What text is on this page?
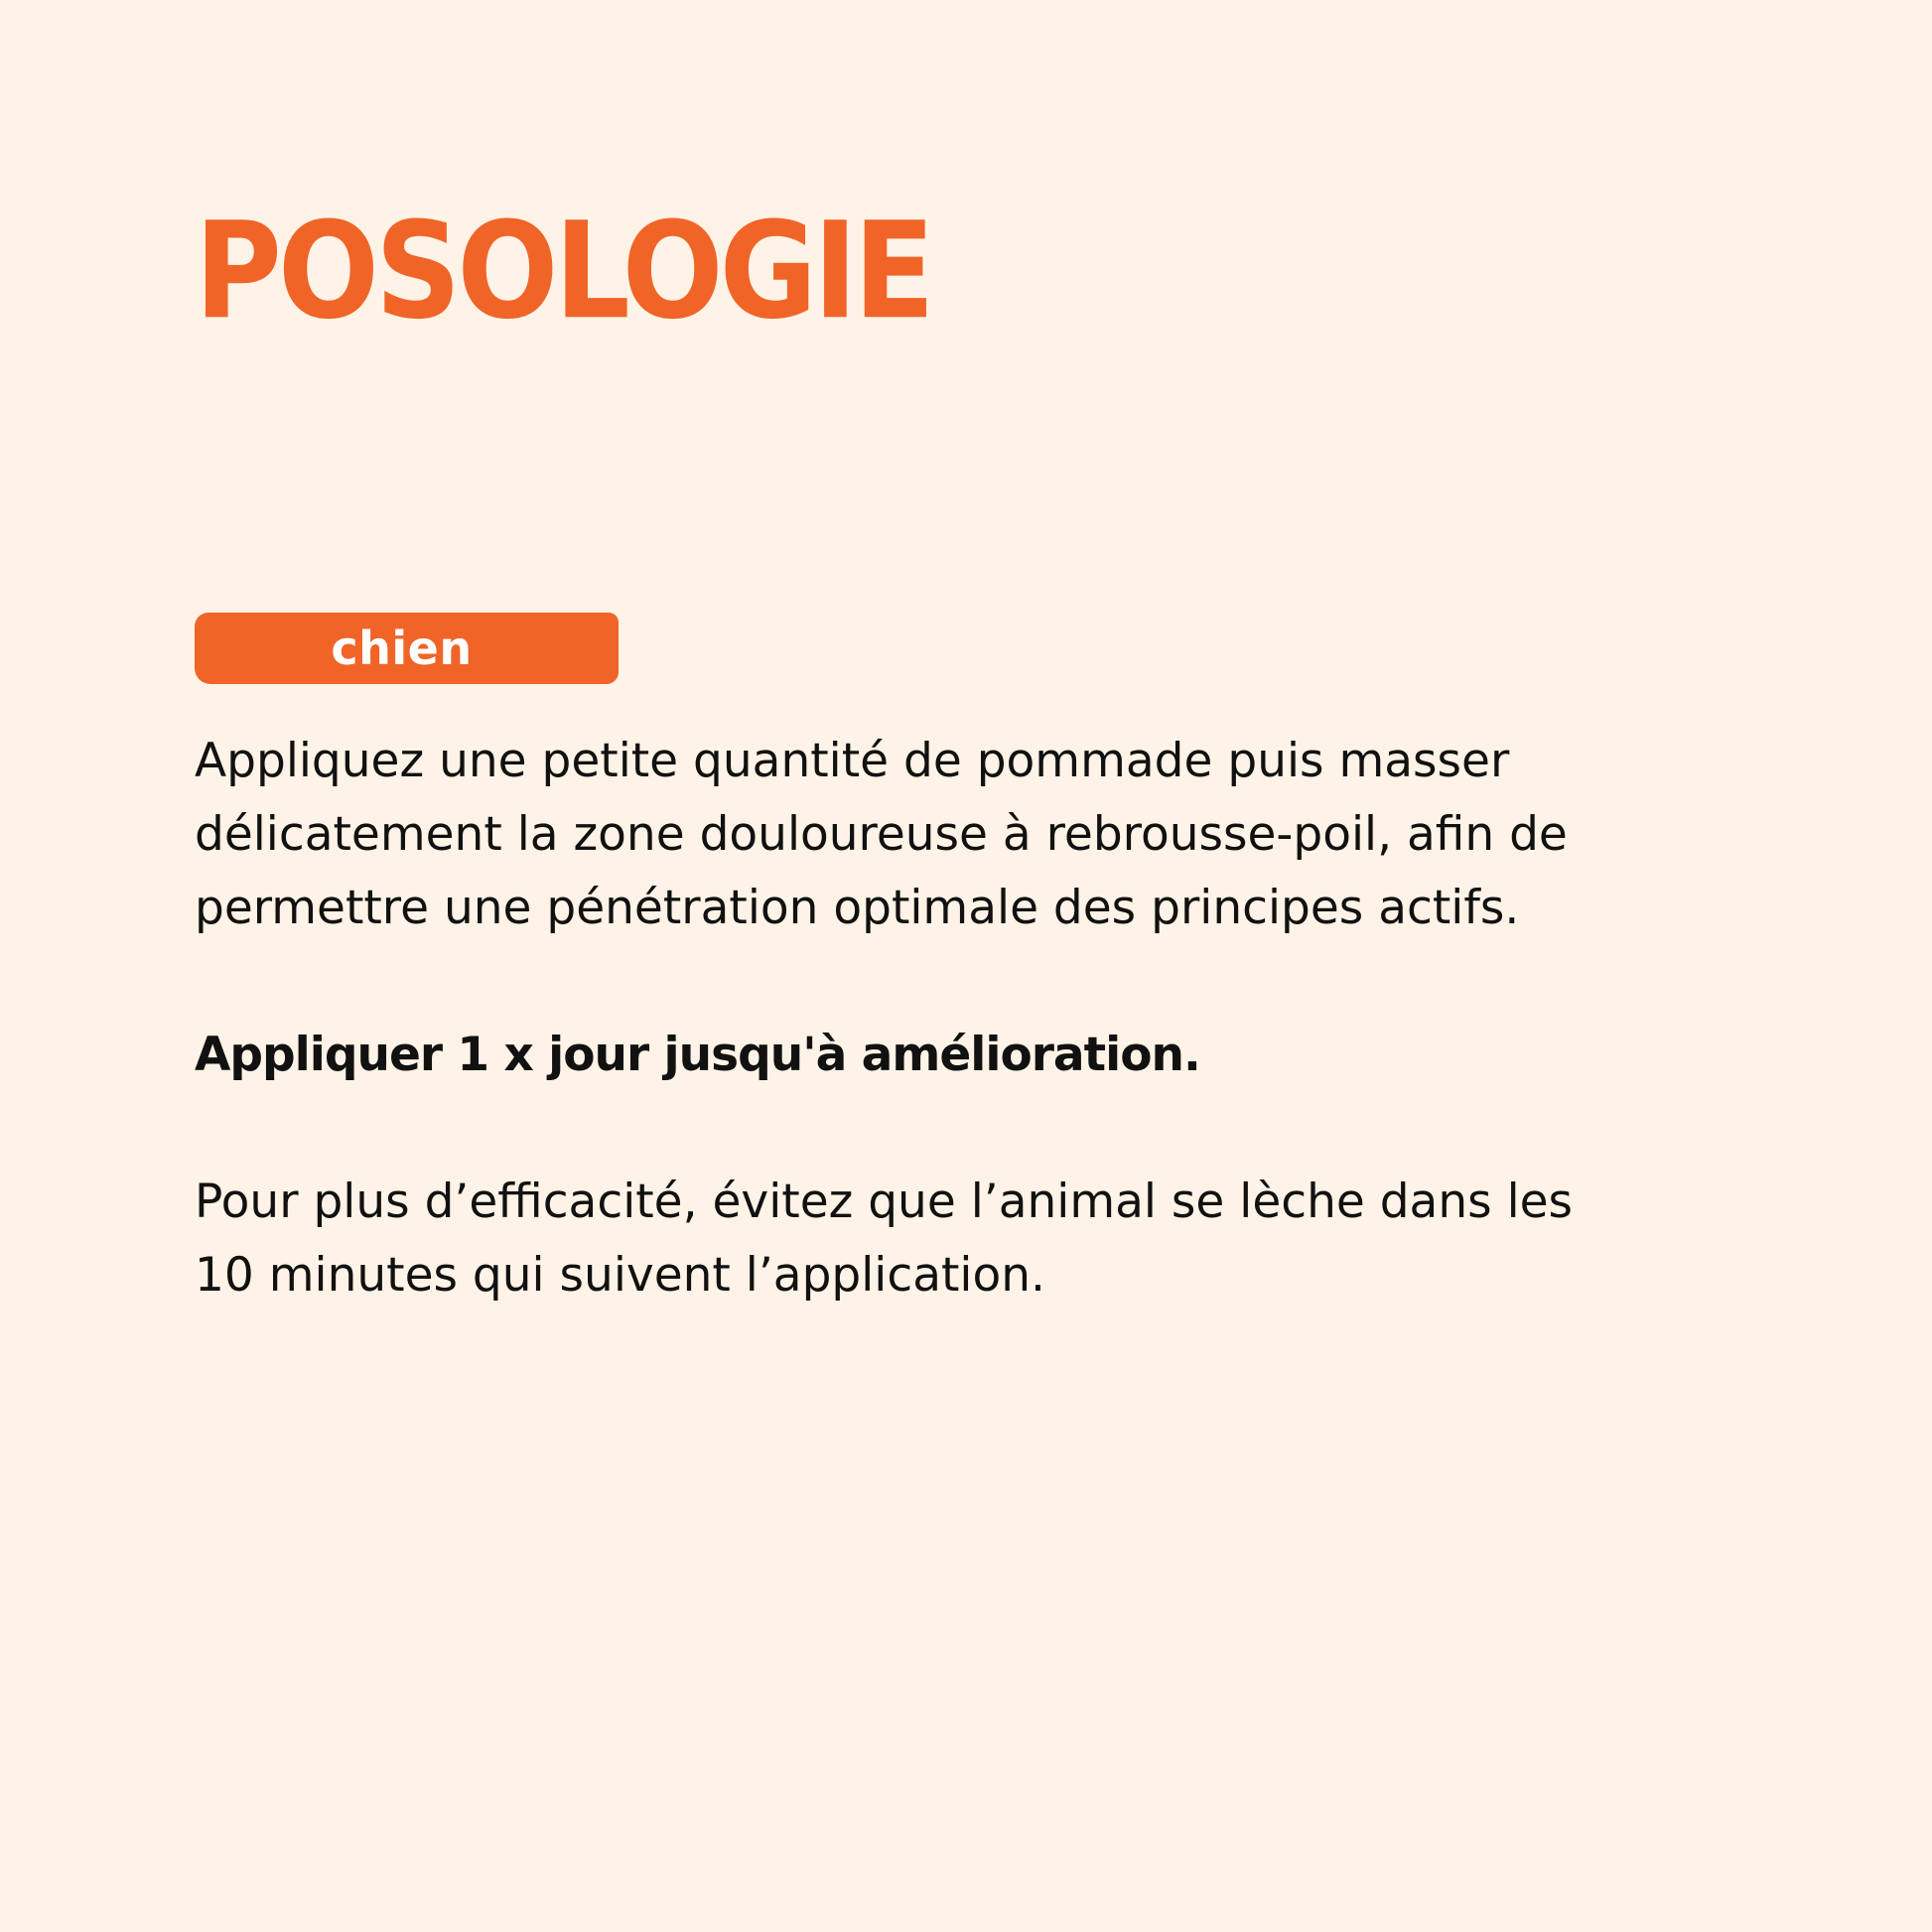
POSOLOGIE
chien

Appliquez une petite quantité de pommade puis masser
délicatement la zone douloureuse à rebrousse-poil, afin de
permettre une pénétration optimale des principes actifs.

Appliquer 1 x jour jusqu'à amélioration.

Pour plus d’efficacité, évitez que l’animal se lèche dans les
10 minutes qui suivent l’application.
